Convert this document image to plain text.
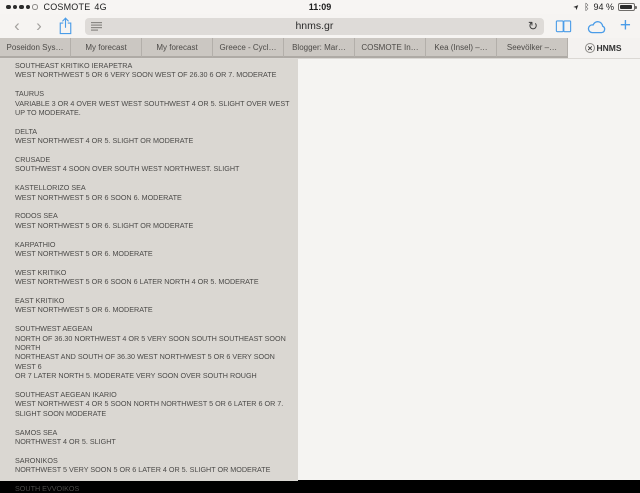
COSMOTE 4G	11:09	➤ ᛒ 94 %
‹ ›	hnms.gr	↻	+
Poseidon Sys…	My forecast	My forecast	Greece - Cycl… Blogger: Mar… COSMOTE In… Kea (Insel) –… Seevölker –…	× HNMS
SOUTHEAST KRITIKO IERAPETRA
WEST NORTHWEST 5 OR 6 VERY SOON WEST OF 26.30 6 OR 7. MODERATE
TAURUS
VARIABLE 3 OR 4 OVER WEST WEST SOUTHWEST 4 OR 5. SLIGHT OVER WEST
UP TO MODERATE.
DELTA
WEST NORTHWEST 4 OR 5. SLIGHT OR MODERATE
CRUSADE
SOUTHWEST 4 SOON OVER SOUTH WEST NORTHWEST. SLIGHT
KASTELLORIZO SEA
WEST NORTHWEST 5 OR 6 SOON 6. MODERATE
RODOS SEA
WEST NORTHWEST 5 OR 6. SLIGHT OR MODERATE
KARPATHIO
WEST NORTHWEST 5 OR 6. MODERATE
WEST KRITIKO
WEST NORTHWEST 5 OR 6 SOON 6 LATER NORTH 4 OR 5. MODERATE
EAST KRITIKO
WEST NORTHWEST 5 OR 6. MODERATE
SOUTHWEST AEGEAN
NORTH OF 36.30 NORTHWEST 4 OR 5 VERY SOON SOUTH SOUTHEAST SOON
NORTH
NORTHEAST AND SOUTH OF 36.30 WEST NORTHWEST 5 OR 6 VERY SOON
WEST 6
OR 7 LATER NORTH 5. MODERATE VERY SOON OVER SOUTH ROUGH
SOUTHEAST AEGEAN IKARIO
WEST NORTHWEST 4 OR 5 SOON NORTH NORTHWEST 5 OR 6 LATER 6 OR 7.
SLIGHT SOON MODERATE
SAMOS SEA
NORTHWEST 4 OR 5. SLIGHT
SARONIKOS
NORTHWEST 5 VERY SOON 5 OR 6 LATER 4 OR 5. SLIGHT OR MODERATE
SOUTH EVVOIKOS
